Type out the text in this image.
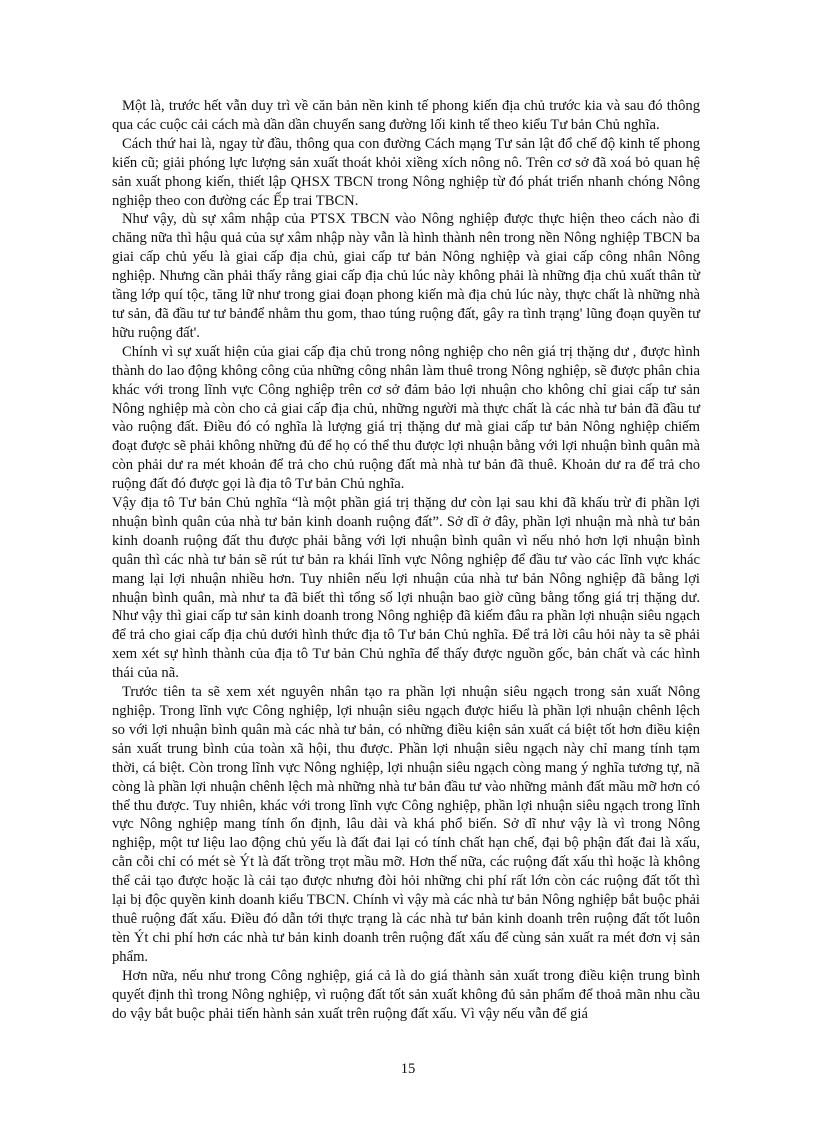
Một là, trước hết vẫn duy trì về căn bản nền kinh tế phong kiến địa chủ trước kia và sau đó thông qua các cuộc cải cách mà dần dần chuyển sang đường lối kinh tế theo kiểu Tư bản Chủ nghĩa.

Cách thứ hai là, ngay từ đầu, thông qua con đường Cách mạng Tư sản lật đổ chế độ kinh tế phong kiến cũ; giải phóng lực lượng sản xuất thoát khỏi xiềng xích nông nô. Trên cơ sở đã xoá bỏ quan hệ sản xuất phong kiến, thiết lập QHSX TBCN trong Nông nghiệp từ đó phát triển nhanh chóng Nông nghiệp theo con đường các Ếp trai TBCN.

Như vậy, dù sự xâm nhập của PTSX TBCN vào Nông nghiệp được thực hiện theo cách nào đi chăng nữa thì hậu quả của sự xâm nhập này vẫn là hình thành nên trong nền Nông nghiệp TBCN ba giai cấp chủ yếu là giai cấp địa chủ, giai cấp tư bản Nông nghiệp và giai cấp công nhân Nông nghiệp. Nhưng cần phải thấy rằng giai cấp địa chủ lúc này không phải là những địa chủ xuất thân từ tầng lớp quí tộc, tăng lữ như trong giai đoạn phong kiến mà địa chủ lúc này, thực chất là những nhà tư sản, đã đầu tư tư bảnđể nhằm thu gom, thao túng ruộng đất, gây ra tình trạng' lũng đoạn quyền tư hữu ruộng đất'.

Chính vì sự xuất hiện của giai cấp địa chủ trong nông nghiệp cho nên giá trị thặng dư , được hình thành do lao động không công của những công nhân làm thuê trong Nông nghiệp, sẽ được phân chia khác với trong lĩnh vực Công nghiệp trên cơ sở đảm bảo lợi nhuận cho không chỉ giai cấp tư sản Nông nghiệp mà còn cho cả giai cấp địa chủ, những người mà thực chất là các nhà tư bản đã đầu tư vào ruộng đất. Điều đó có nghĩa là lượng giá trị thặng dư mà giai cấp tư bản Nông nghiệp chiếm đoạt được sẽ phải không những đủ để họ có thể thu được lợi nhuận bằng với lợi nhuận bình quân mà còn phải dư ra mét khoản để trả cho chủ ruộng đất mà nhà tư bản đã thuê. Khoản dư ra để trả cho ruộng đất đó được gọi là địa tô Tư bản Chủ nghĩa.

Vậy địa tô Tư bản Chủ nghĩa “là một phần giá trị thặng dư còn lại sau khi đã khấu trừ đi phần lợi nhuận bình quân của nhà tư bản kinh doanh ruộng đất”. Sở dĩ ở đây, phần lợi nhuận mà nhà tư bản kinh doanh ruộng đất thu được phải bằng với lợi nhuận bình quân vì nếu nhỏ hơn lợi nhuận bình quân thì các nhà tư bản sẽ rút tư bản ra khái lĩnh vực Nông nghiệp để đầu tư vào các lĩnh vực khác mang lại lợi nhuận nhiều hơn. Tuy nhiên nếu lợi nhuận của nhà tư bản Nông nghiệp đã bằng lợi nhuận bình quân, mà như ta đã biết thì tổng số lợi nhuận bao giờ cũng bằng tổng giá trị thặng dư. Như vậy thì giai cấp tư sản kinh doanh trong Nông nghiệp đã kiếm đâu ra phần lợi nhuận siêu ngạch để trả cho giai cấp địa chủ dưới hình thức địa tô Tư bản Chủ nghĩa. Để trả lời câu hỏi này ta sẽ phải xem xét sự hình thành của địa tô Tư bản Chủ nghĩa để thấy được nguồn gốc, bản chất và các hình thái của nã.

Trước tiên ta sẽ xem xét nguyên nhân tạo ra phần lợi nhuận siêu ngạch trong sản xuất Nông nghiệp. Trong lĩnh vực Công nghiệp, lợi nhuận siêu ngạch được hiểu là phần lợi nhuận chênh lệch so với lợi nhuận bình quân mà các nhà tư bản, có những điều kiện sản xuất cá biệt tốt hơn điều kiện sản xuất trung bình của toàn xã hội, thu được. Phần lợi nhuận siêu ngạch này chỉ mang tính tạm thời, cá biệt. Còn trong lĩnh vực Nông nghiệp, lợi nhuận siêu ngạch còng mang ý nghĩa tương tự, nã còng là phần lợi nhuận chênh lệch mà những nhà tư bản đầu tư vào những mảnh đất mầu mỡ hơn có thể thu được. Tuy nhiên, khác với trong lĩnh vực Công nghiệp, phần lợi nhuận siêu ngạch trong lĩnh vực Nông nghiệp mang tính ổn định, lâu dài và khá phổ biến. Sở dĩ như vậy là vì trong Nông nghiệp, một tư liệu lao động chủ yếu là đất đai lại có tính chất hạn chế, đại bộ phận đất đai là xấu, cằn cỗi chỉ có mét sè Ýt là đất trồng trọt mầu mỡ. Hơn thế nữa, các ruộng đất xấu thì hoặc là không thể cải tạo được hoặc là cải tạo được nhưng đòi hỏi những chi phí rất lớn còn các ruộng đất tốt thì lại bị độc quyền kinh doanh kiểu TBCN. Chính vì vậy mà các nhà tư bản Nông nghiệp bắt buộc phải thuê ruộng đất xấu. Điều đó dẫn tới thực trạng là các nhà tư bản kinh doanh trên ruộng đất tốt luôn tèn Ýt chi phí hơn các nhà tư bản kinh doanh trên ruộng đất xấu để cùng sản xuất ra mét đơn vị sản phẩm.

Hơn nữa, nếu như trong Công nghiệp, giá cả là do giá thành sản xuất trong điều kiện trung bình quyết định thì trong Nông nghiệp, vì ruộng đất tốt sản xuất không đủ sản phẩm để thoả mãn nhu cầu do vậy bắt buộc phải tiến hành sản xuất trên ruộng đất xấu. Vì vậy nếu vẫn để giá

15
